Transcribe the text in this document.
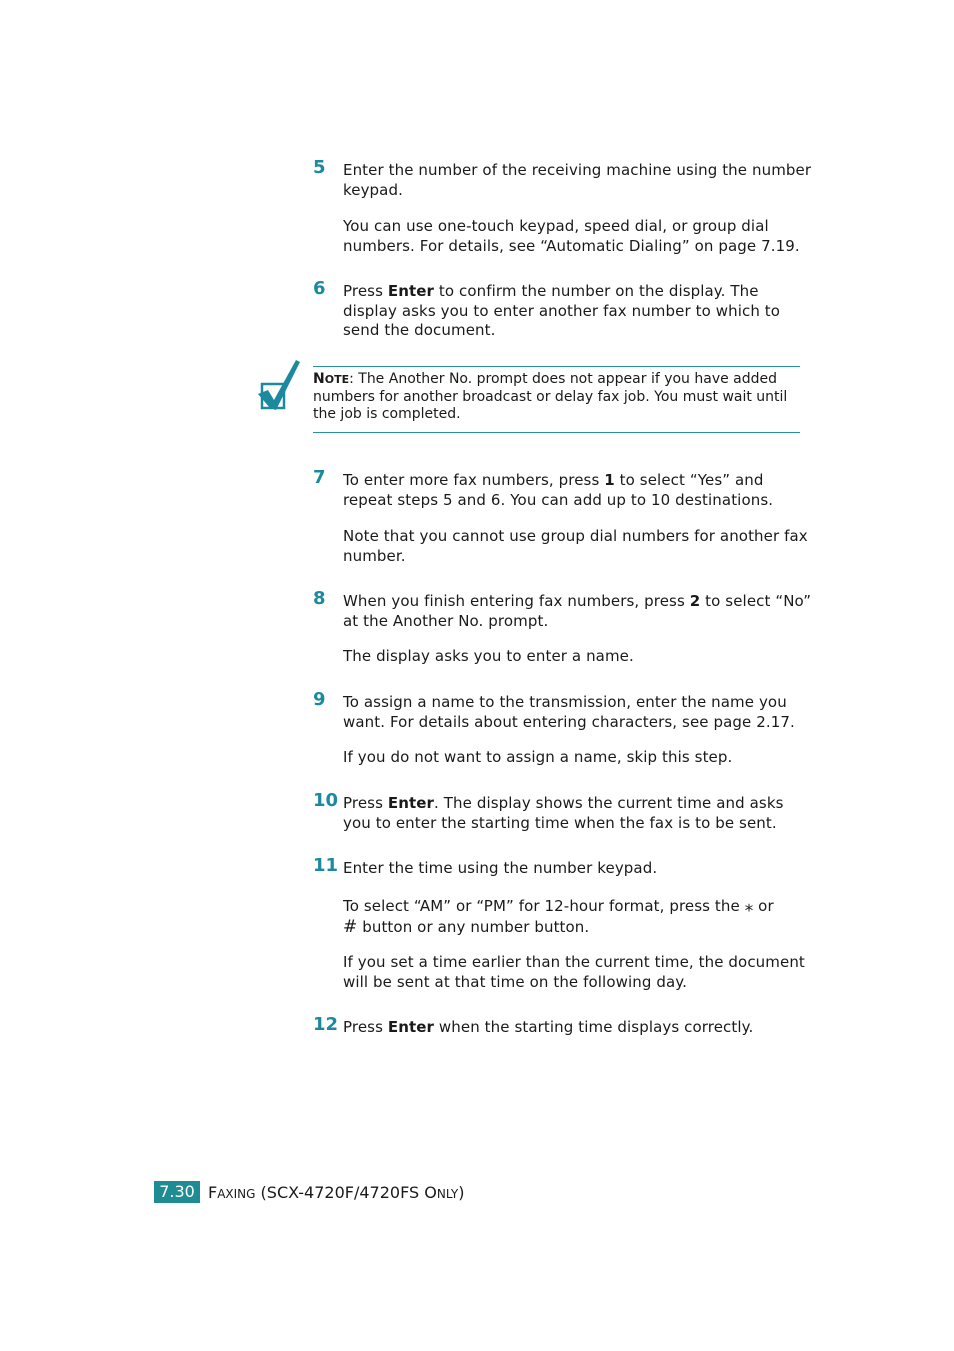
5 Enter the number of the receiving machine using the number keypad.
You can use one-touch keypad, speed dial, or group dial numbers. For details, see “Automatic Dialing” on page 7.19.
6 Press Enter to confirm the number on the display. The display asks you to enter another fax number to which to send the document.
NOTE: The Another No. prompt does not appear if you have added numbers for another broadcast or delay fax job. You must wait until the job is completed.
7 To enter more fax numbers, press 1 to select “Yes” and repeat steps 5 and 6. You can add up to 10 destinations.
Note that you cannot use group dial numbers for another fax number.
8 When you finish entering fax numbers, press 2 to select “No” at the Another No. prompt.
The display asks you to enter a name.
9 To assign a name to the transmission, enter the name you want. For details about entering characters, see page 2.17.
If you do not want to assign a name, skip this step.
10 Press Enter. The display shows the current time and asks you to enter the starting time when the fax is to be sent.
11 Enter the time using the number keypad.
To select “AM” or “PM” for 12-hour format, press the ⁎ or
# button or any number button.
If you set a time earlier than the current time, the document will be sent at that time on the following day.
12 Press Enter when the starting time displays correctly.
7.30 FAXING (SCX-4720F/4720FS ONLY)
